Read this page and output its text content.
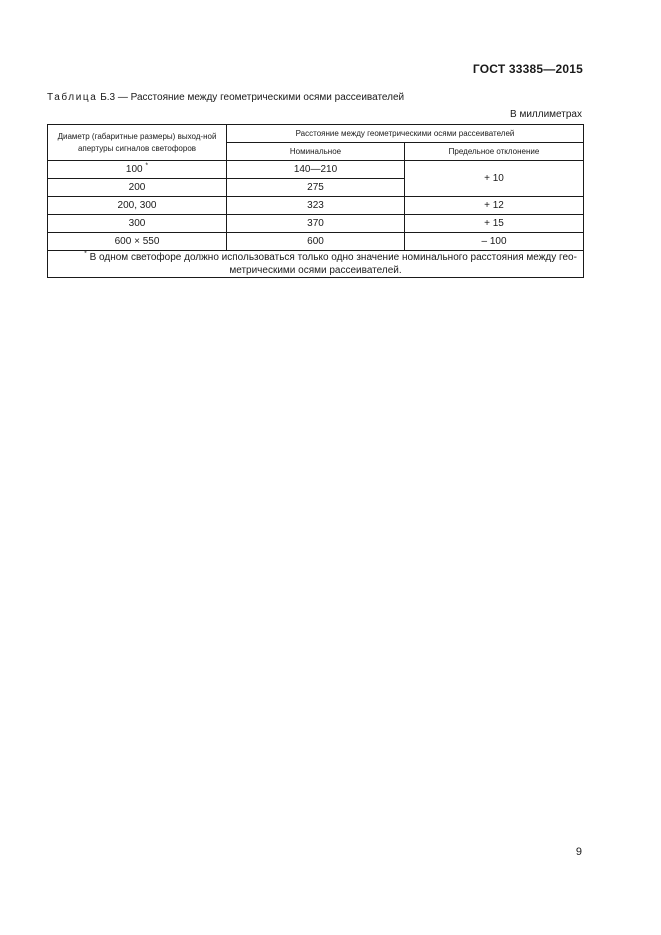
ГОСТ 33385—2015
Таблица Б.3 — Расстояние между геометрическими осями рассеивателей
В миллиметрах
Диаметр (габаритные размеры) выход-ной апертуры сигналов светофоров	Расстояние между геометрическими осями рассеивателей	
	Номинальное	Предельное отклонение
100 *	140—210	+ 10
200	275	
200, 300	323	+ 12
300	370	+ 15
600 × 550	600	– 100
* В одном светофоре должно использоваться только одно значение номинального расстояния между гео-метрическими осями рассеивателей.		
9
